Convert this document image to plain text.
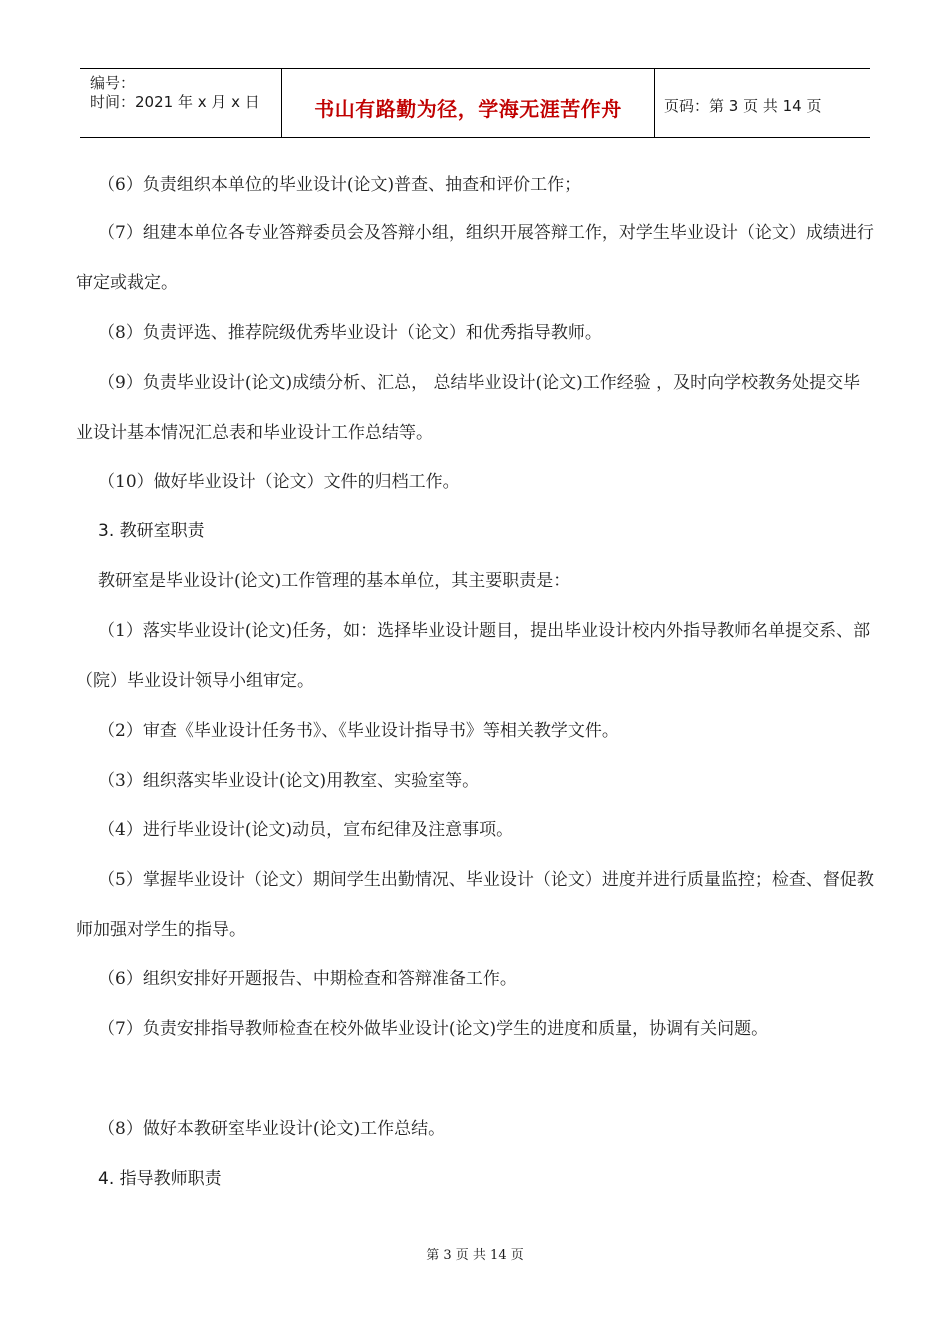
编号：
时间：2021 年 x 月 x 日	书山有路勤为径，学海无涯苦作舟	页码：第 3 页 共 14 页
（6）负责组织本单位的毕业设计(论文)普查、抽查和评价工作；
（7）组建本单位各专业答辩委员会及答辩小组，组织开展答辩工作，对学生毕业设计（论文）成绩进行审定或裁定。
（8）负责评选、推荐院级优秀毕业设计（论文）和优秀指导教师。
（9）负责毕业设计(论文)成绩分析、汇总， 总结毕业设计(论文)工作经验 ，及时向学校教务处提交毕业设计基本情况汇总表和毕业设计工作总结等。
（10）做好毕业设计（论文）文件的归档工作。
3. 教研室职责
教研室是毕业设计(论文)工作管理的基本单位，其主要职责是：
（1）落实毕业设计(论文)任务，如：选择毕业设计题目，提出毕业设计校内外指导教师名单提交系、部（院）毕业设计领导小组审定。
（2）审查《毕业设计任务书》、《毕业设计指导书》等相关教学文件。
（3）组织落实毕业设计(论文)用教室、实验室等。
（4）进行毕业设计(论文)动员，宣布纪律及注意事项。
（5）掌握毕业设计（论文）期间学生出勤情况、毕业设计（论文）进度并进行质量监控；检查、督促教师加强对学生的指导。
（6）组织安排好开题报告、中期检查和答辩准备工作。
（7）负责安排指导教师检查在校外做毕业设计(论文)学生的进度和质量，协调有关问题。
（8）做好本教研室毕业设计(论文)工作总结。
4. 指导教师职责
第 3 页 共 14 页
